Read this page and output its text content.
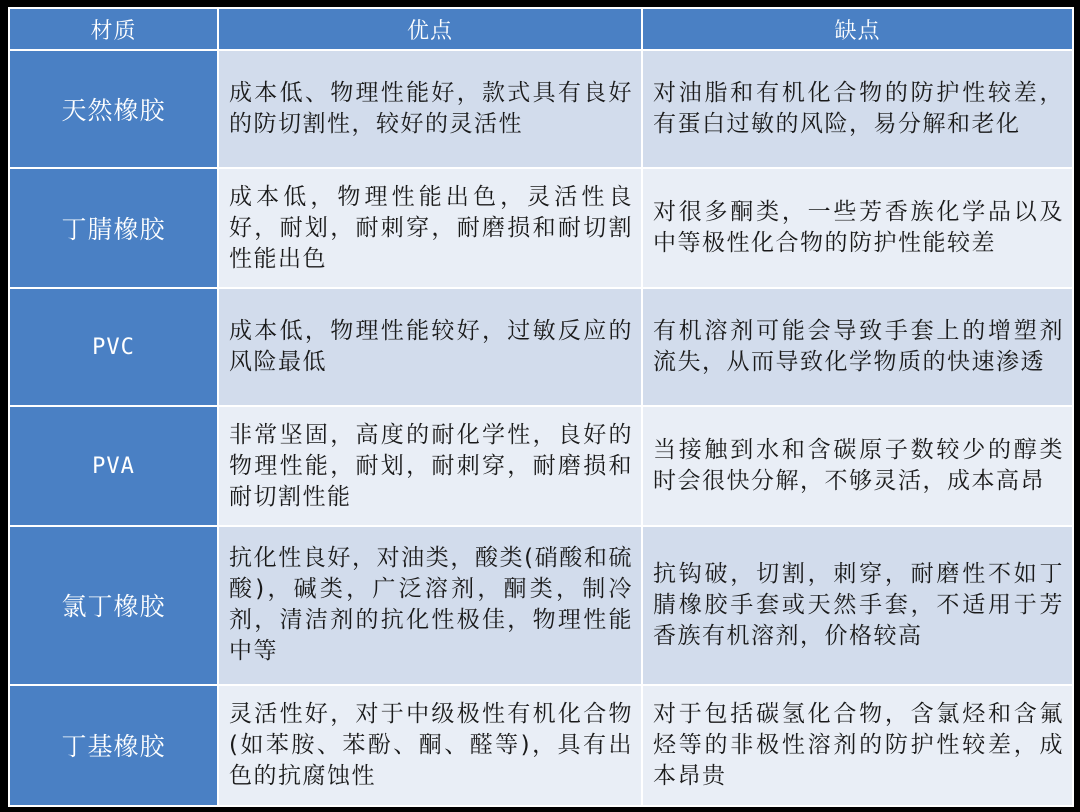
材质	优点	缺点
天然橡胶	成本低、物理性能好，款式具有良好的防切割性，较好的灵活性	对油脂和有机化合物的防护性较差，有蛋白过敏的风险，易分解和老化
丁腈橡胶	成本低，物理性能出色，灵活性良好，耐划，耐刺穿，耐磨损和耐切割性能出色	对很多酮类，一些芳香族化学品以及中等极性化合物的防护性能较差
PVC	成本低，物理性能较好，过敏反应的风险最低	有机溶剂可能会导致手套上的增塑剂流失，从而导致化学物质的快速渗透
PVA	非常坚固，高度的耐化学性，良好的物理性能，耐划，耐刺穿，耐磨损和耐切割性能	当接触到水和含碳原子数较少的醇类时会很快分解，不够灵活，成本高昂
氯丁橡胶	抗化性良好，对油类，酸类(硝酸和硫酸)，碱类，广泛溶剂，酮类，制冷剂，清洁剂的抗化性极佳，物理性能中等	抗钩破，切割，刺穿，耐磨性不如丁腈橡胶手套或天然手套，不适用于芳香族有机溶剂，价格较高
丁基橡胶	灵活性好，对于中级极性有机化合物(如苯胺、苯酚、酮、醛等)，具有出色的抗腐蚀性	对于包括碳氢化合物，含氯烃和含氟烃等的非极性溶剂的防护性较差，成本昂贵
